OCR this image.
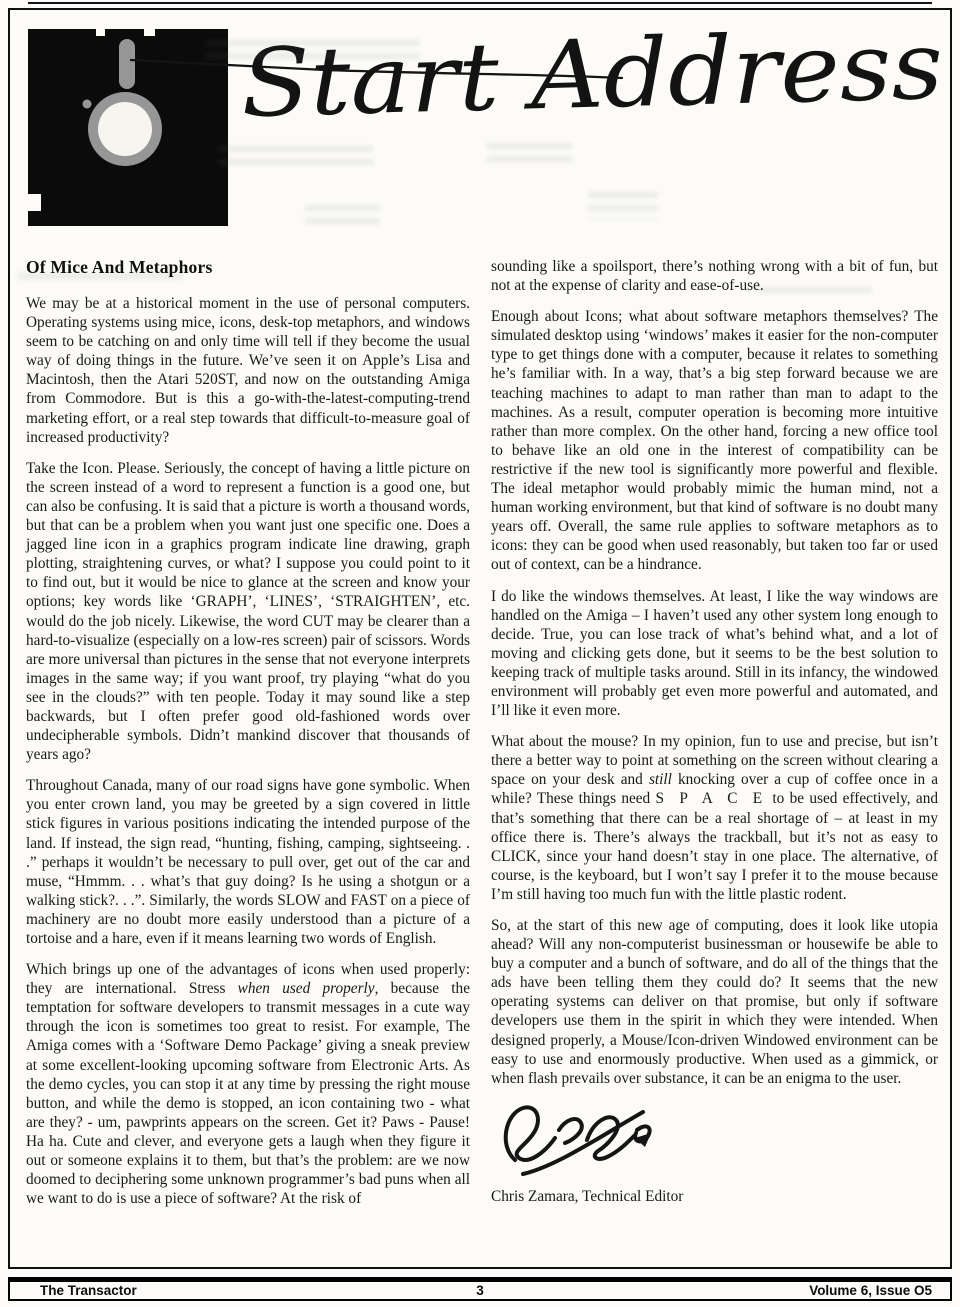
Start Address
Of Mice And Metaphors

We may be at a historical moment in the use of personal computers. Operating systems using mice, icons, desk-top metaphors, and windows seem to be catching on and only time will tell if they become the usual way of doing things in the future. We’ve seen it on Apple’s Lisa and Macintosh, then the Atari 520ST, and now on the outstanding Amiga from Commodore. But is this a go-with-the-latest-computing-trend marketing effort, or a real step towards that difficult-to-measure goal of increased productivity?

Take the Icon. Please. Seriously, the concept of having a little picture on the screen instead of a word to represent a function is a good one, but can also be confusing. It is said that a picture is worth a thousand words, but that can be a problem when you want just one specific one. Does a jagged line icon in a graphics program indicate line drawing, graph plotting, straightening curves, or what? I suppose you could point to it to find out, but it would be nice to glance at the screen and know your options; key words like ‘GRAPH’, ‘LINES’, ‘STRAIGHTEN’, etc. would do the job nicely. Likewise, the word CUT may be clearer than a hard-to-visualize (especially on a low-res screen) pair of scissors. Words are more universal than pictures in the sense that not everyone interprets images in the same way; if you want proof, try playing “what do you see in the clouds?” with ten people. Today it may sound like a step backwards, but I often prefer good old-fashioned words over undecipherable symbols. Didn’t mankind discover that thousands of years ago?

Throughout Canada, many of our road signs have gone symbolic. When you enter crown land, you may be greeted by a sign covered in little stick figures in various positions indicating the intended purpose of the land. If instead, the sign read, “hunting, fishing, camping, sightseeing. . .” perhaps it wouldn’t be necessary to pull over, get out of the car and muse, “Hmmm. . . what’s that guy doing? Is he using a shotgun or a walking stick?. . .”. Similarly, the words SLOW and FAST on a piece of machinery are no doubt more easily understood than a picture of a tortoise and a hare, even if it means learning two words of English.

Which brings up one of the advantages of icons when used properly: they are international. Stress when used properly, because the temptation for software developers to transmit messages in a cute way through the icon is sometimes too great to resist. For example, The Amiga comes with a ‘Software Demo Package’ giving a sneak preview at some excellent-looking upcoming software from Electronic Arts. As the demo cycles, you can stop it at any time by pressing the right mouse button, and while the demo is stopped, an icon containing two - what are they? - um, pawprints appears on the screen. Get it? Paws - Pause! Ha ha. Cute and clever, and everyone gets a laugh when they figure it out or someone explains it to them, but that’s the problem: are we now doomed to deciphering some unknown programmer’s bad puns when all we want to do is use a piece of software? At the risk of

sounding like a spoilsport, there’s nothing wrong with a bit of fun, but not at the expense of clarity and ease-of-use.

Enough about Icons; what about software metaphors themselves? The simulated desktop using ‘windows’ makes it easier for the non-computer type to get things done with a computer, because it relates to something he’s familiar with. In a way, that’s a big step forward because we are teaching machines to adapt to man rather than man to adapt to the machines. As a result, computer operation is becoming more intuitive rather than more complex. On the other hand, forcing a new office tool to behave like an old one in the interest of compatibility can be restrictive if the new tool is significantly more powerful and flexible. The ideal metaphor would probably mimic the human mind, not a human working environment, but that kind of software is no doubt many years off. Overall, the same rule applies to software metaphors as to icons: they can be good when used reasonably, but taken too far or used out of context, can be a hindrance.

I do like the windows themselves. At least, I like the way windows are handled on the Amiga – I haven’t used any other system long enough to decide. True, you can lose track of what’s behind what, and a lot of moving and clicking gets done, but it seems to be the best solution to keeping track of multiple tasks around. Still in its infancy, the windowed environment will probably get even more powerful and automated, and I’ll like it even more.

What about the mouse? In my opinion, fun to use and precise, but isn’t there a better way to point at something on the screen without clearing a space on your desk and still knocking over a cup of coffee once in a while? These things need S P A C E to be used effectively, and that’s something that there can be a real shortage of – at least in my office there is. There’s always the trackball, but it’s not as easy to CLICK, since your hand doesn’t stay in one place. The alternative, of course, is the keyboard, but I won’t say I prefer it to the mouse because I’m still having too much fun with the little plastic rodent.

So, at the start of this new age of computing, does it look like utopia ahead? Will any non-computerist businessman or housewife be able to buy a computer and a bunch of software, and do all of the things that the ads have been telling them they could do? It seems that the new operating systems can deliver on that promise, but only if software developers use them in the spirit in which they were intended. When designed properly, a Mouse/Icon-driven Windowed environment can be easy to use and enormously productive. When used as a gimmick, or when flash prevails over substance, it can be an enigma to the user.

Chris Zamara, Technical Editor

The Transactor	3	Volume 6, Issue O5
